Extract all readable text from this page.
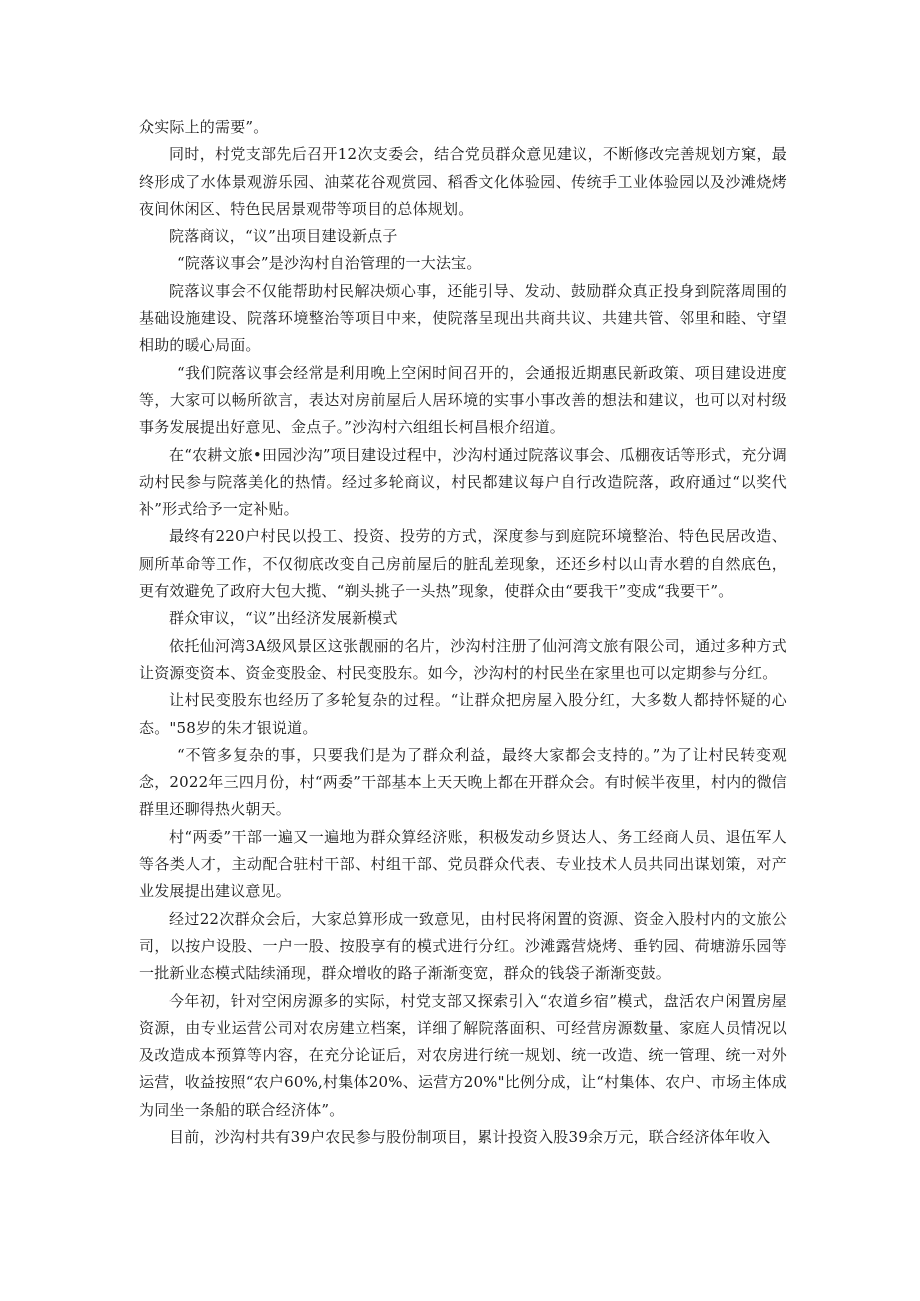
众实际上的需要”。

同时，村党支部先后召开12次支委会，结合党员群众意见建议，不断修改完善规划方窠，最终形成了水体景观游乐园、油菜花谷观赏园、稻香文化体验园、传统手工业体验园以及沙滩烧烤夜间休闲区、特色民居景观带等项目的总体规划。

院落商议，“议”出项目建设新点子

“院落议事会”是沙沟村自治管理的一大法宝。

院落议事会不仅能帮助村民解决烦心事，还能引导、发动、鼓励群众真正投身到院落周围的基础设施建设、院落环境整治等项目中来，使院落呈现出共商共议、共建共管、邻里和睦、守望相助的暖心局面。

“我们院落议事会经常是利用晚上空闲时间召开的，会通报近期惠民新政策、项目建设进度等，大家可以畅所欲言，表达对房前屋后人居环境的实事小事改善的想法和建议，也可以对村级事务发展提出好意见、金点子。”沙沟村六组组长柯昌根介绍道。

在“农耕文旅•田园沙沟”项目建设过程中，沙沟村通过院落议事会、瓜棚夜话等形式，充分调动村民参与院落美化的热情。经过多轮商议，村民都建议每户自行改造院落，政府通过“以奖代补”形式给予一定补贴。

最终有220户村民以投工、投资、投劳的方式，深度参与到庭院环境整治、特色民居改造、厕所革命等工作，不仅彻底改变自己房前屋后的脏乱差现象，还还乡村以山青水碧的自然底色，更有效避免了政府大包大揽、“剃头挑子一头热”现象，使群众由“要我干”变成“我要干”。

群众审议，“议”出经济发展新模式

依托仙河湾3A级风景区这张靓丽的名片，沙沟村注册了仙河湾文旅有限公司，通过多种方式让资源变资本、资金变股金、村民变股东。如今，沙沟村的村民坐在家里也可以定期参与分红。

让村民变股东也经历了多轮复杂的过程。“让群众把房屋入股分红，大多数人都持怀疑的心态。"58岁的朱才银说道。

“不管多复杂的事，只要我们是为了群众利益，最终大家都会支持的。”为了让村民转变观念，2022年三四月份，村“两委”干部基本上天天晚上都在开群众会。有时候半夜里，村内的微信群里还聊得热火朝天。

村“两委”干部一遍又一遍地为群众算经济账，积极发动乡贤达人、务工经商人员、退伍军人等各类人才，主动配合驻村干部、村组干部、党员群众代表、专业技术人员共同出谋划策，对产业发展提出建议意见。

经过22次群众会后，大家总算形成一致意见，由村民将闲置的资源、资金入股村内的文旅公司，以按户设股、一户一股、按股享有的模式进行分红。沙滩露营烧烤、垂钓园、荷塘游乐园等一批新业态模式陆续涌现，群众增收的路子渐渐变宽，群众的钱袋子渐渐变鼓。

今年初，针对空闲房源多的实际，村党支部又探索引入“农道乡宿”模式，盘活农户闲置房屋资源，由专业运营公司对农房建立档案，详细了解院落面积、可经营房源数量、家庭人员情况以及改造成本预算等内容，在充分论证后，对农房进行统一规划、统一改造、统一管理、统一对外运营，收益按照“农户60%,村集体20%、运营方20%"比例分成，让“村集体、农户、市场主体成为同坐一条船的联合经济体”。

目前，沙沟村共有39户农民参与股份制项目，累计投资入股39余万元，联合经济体年收入
